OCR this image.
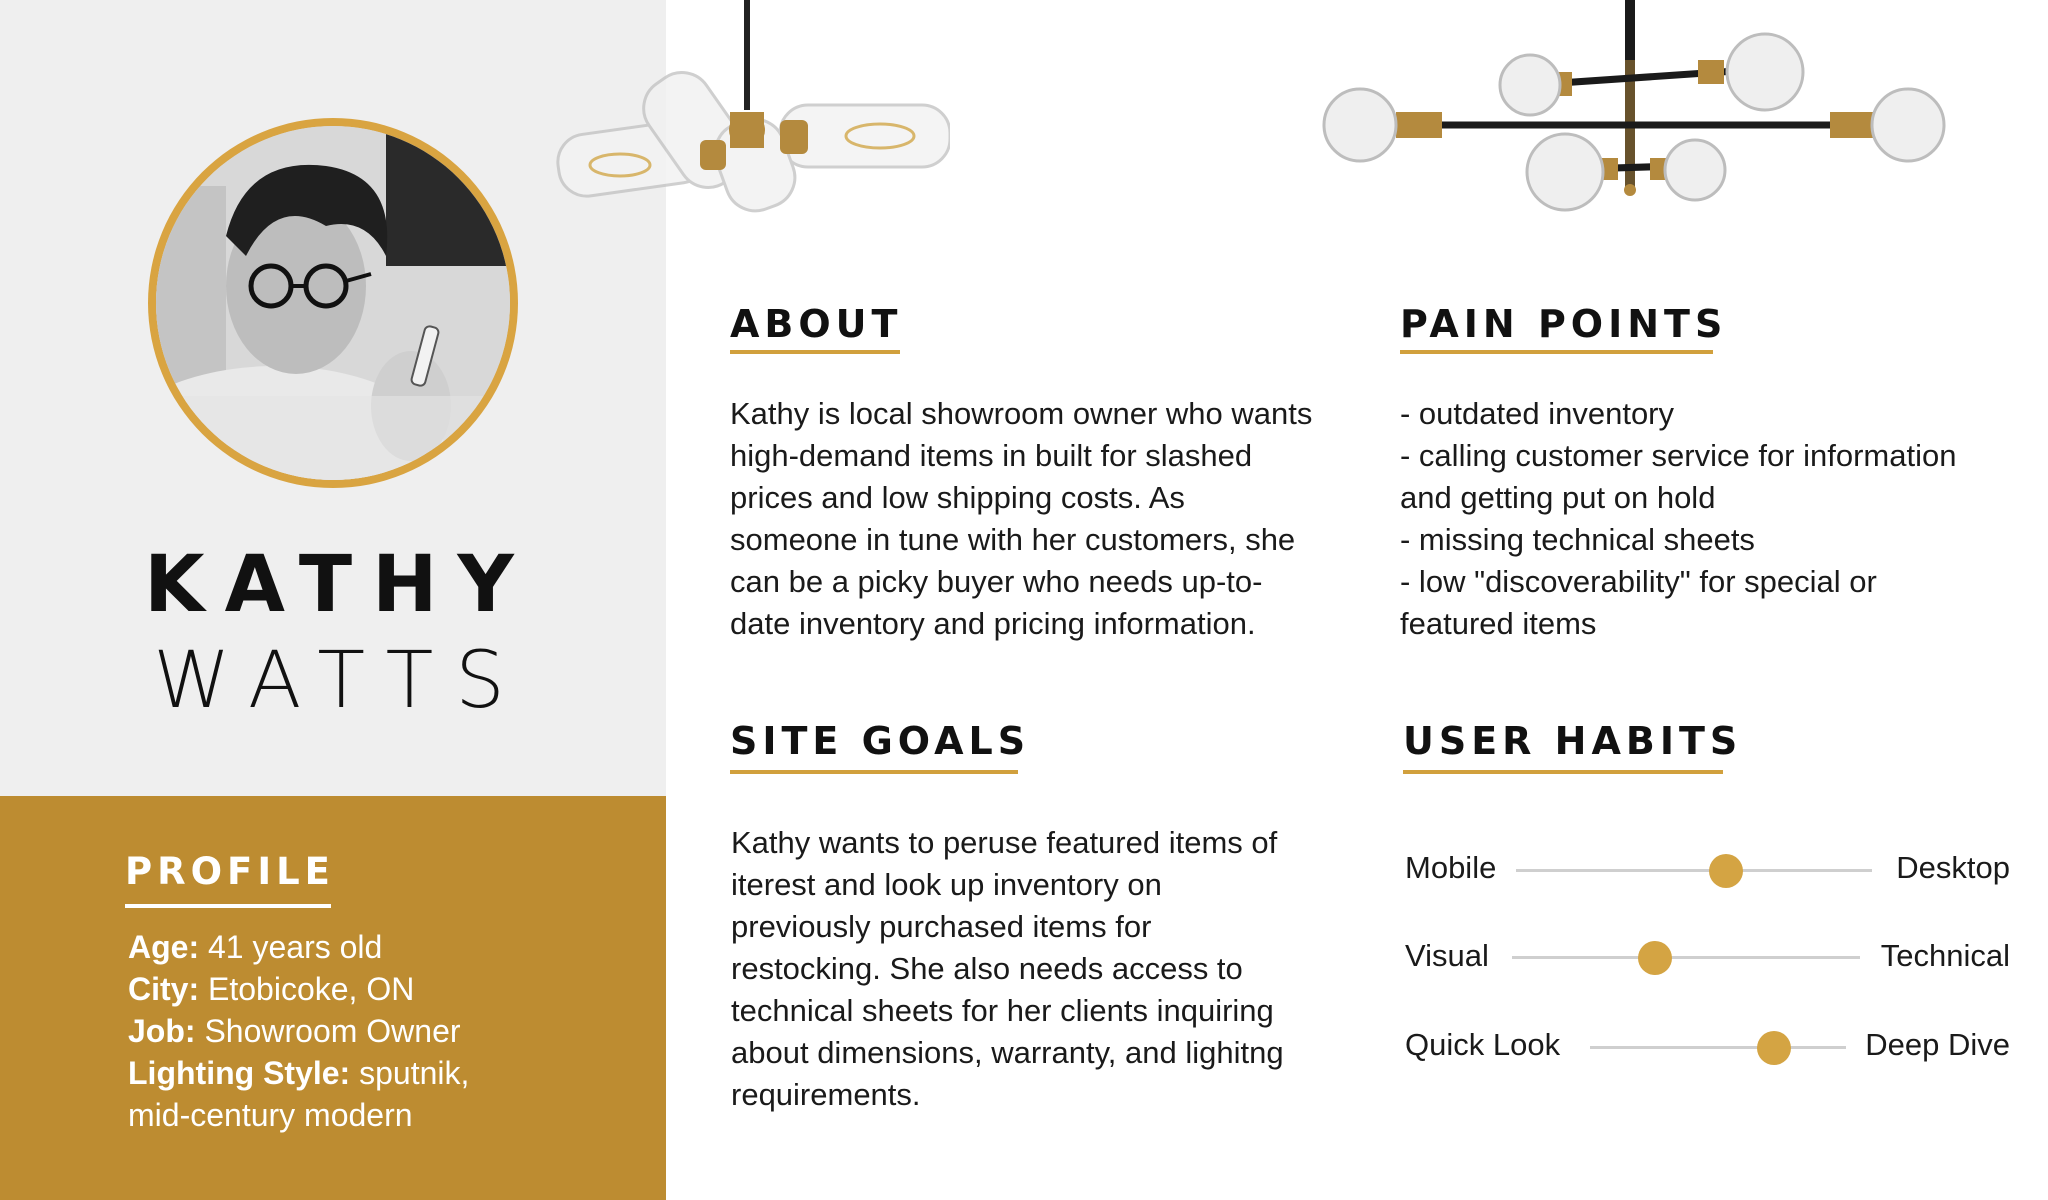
KATHY
WATTS
PROFILE
Age: 41 years old
City: Etobicoke, ON
Job: Showroom Owner
Lighting Style: sputnik,
mid-century modern
ABOUT
Kathy is local showroom owner who wants
high-demand items in built for slashed
prices and low shipping costs. As
someone in tune with her customers, she
can be a picky buyer who needs up-to-
date inventory and pricing information.
PAIN POINTS
- outdated inventory
- calling customer service for information
and getting put on hold
- missing technical sheets
- low "discoverability" for special or
featured items
SITE GOALS
Kathy wants to peruse featured items of
iterest and look up inventory on
previously purchased items for
restocking. She also needs access to
technical sheets for her clients inquiring
about dimensions, warranty, and lighitng
requirements.
USER HABITS
Mobile	Desktop
Visual	Technical
Quick Look	Deep Dive
